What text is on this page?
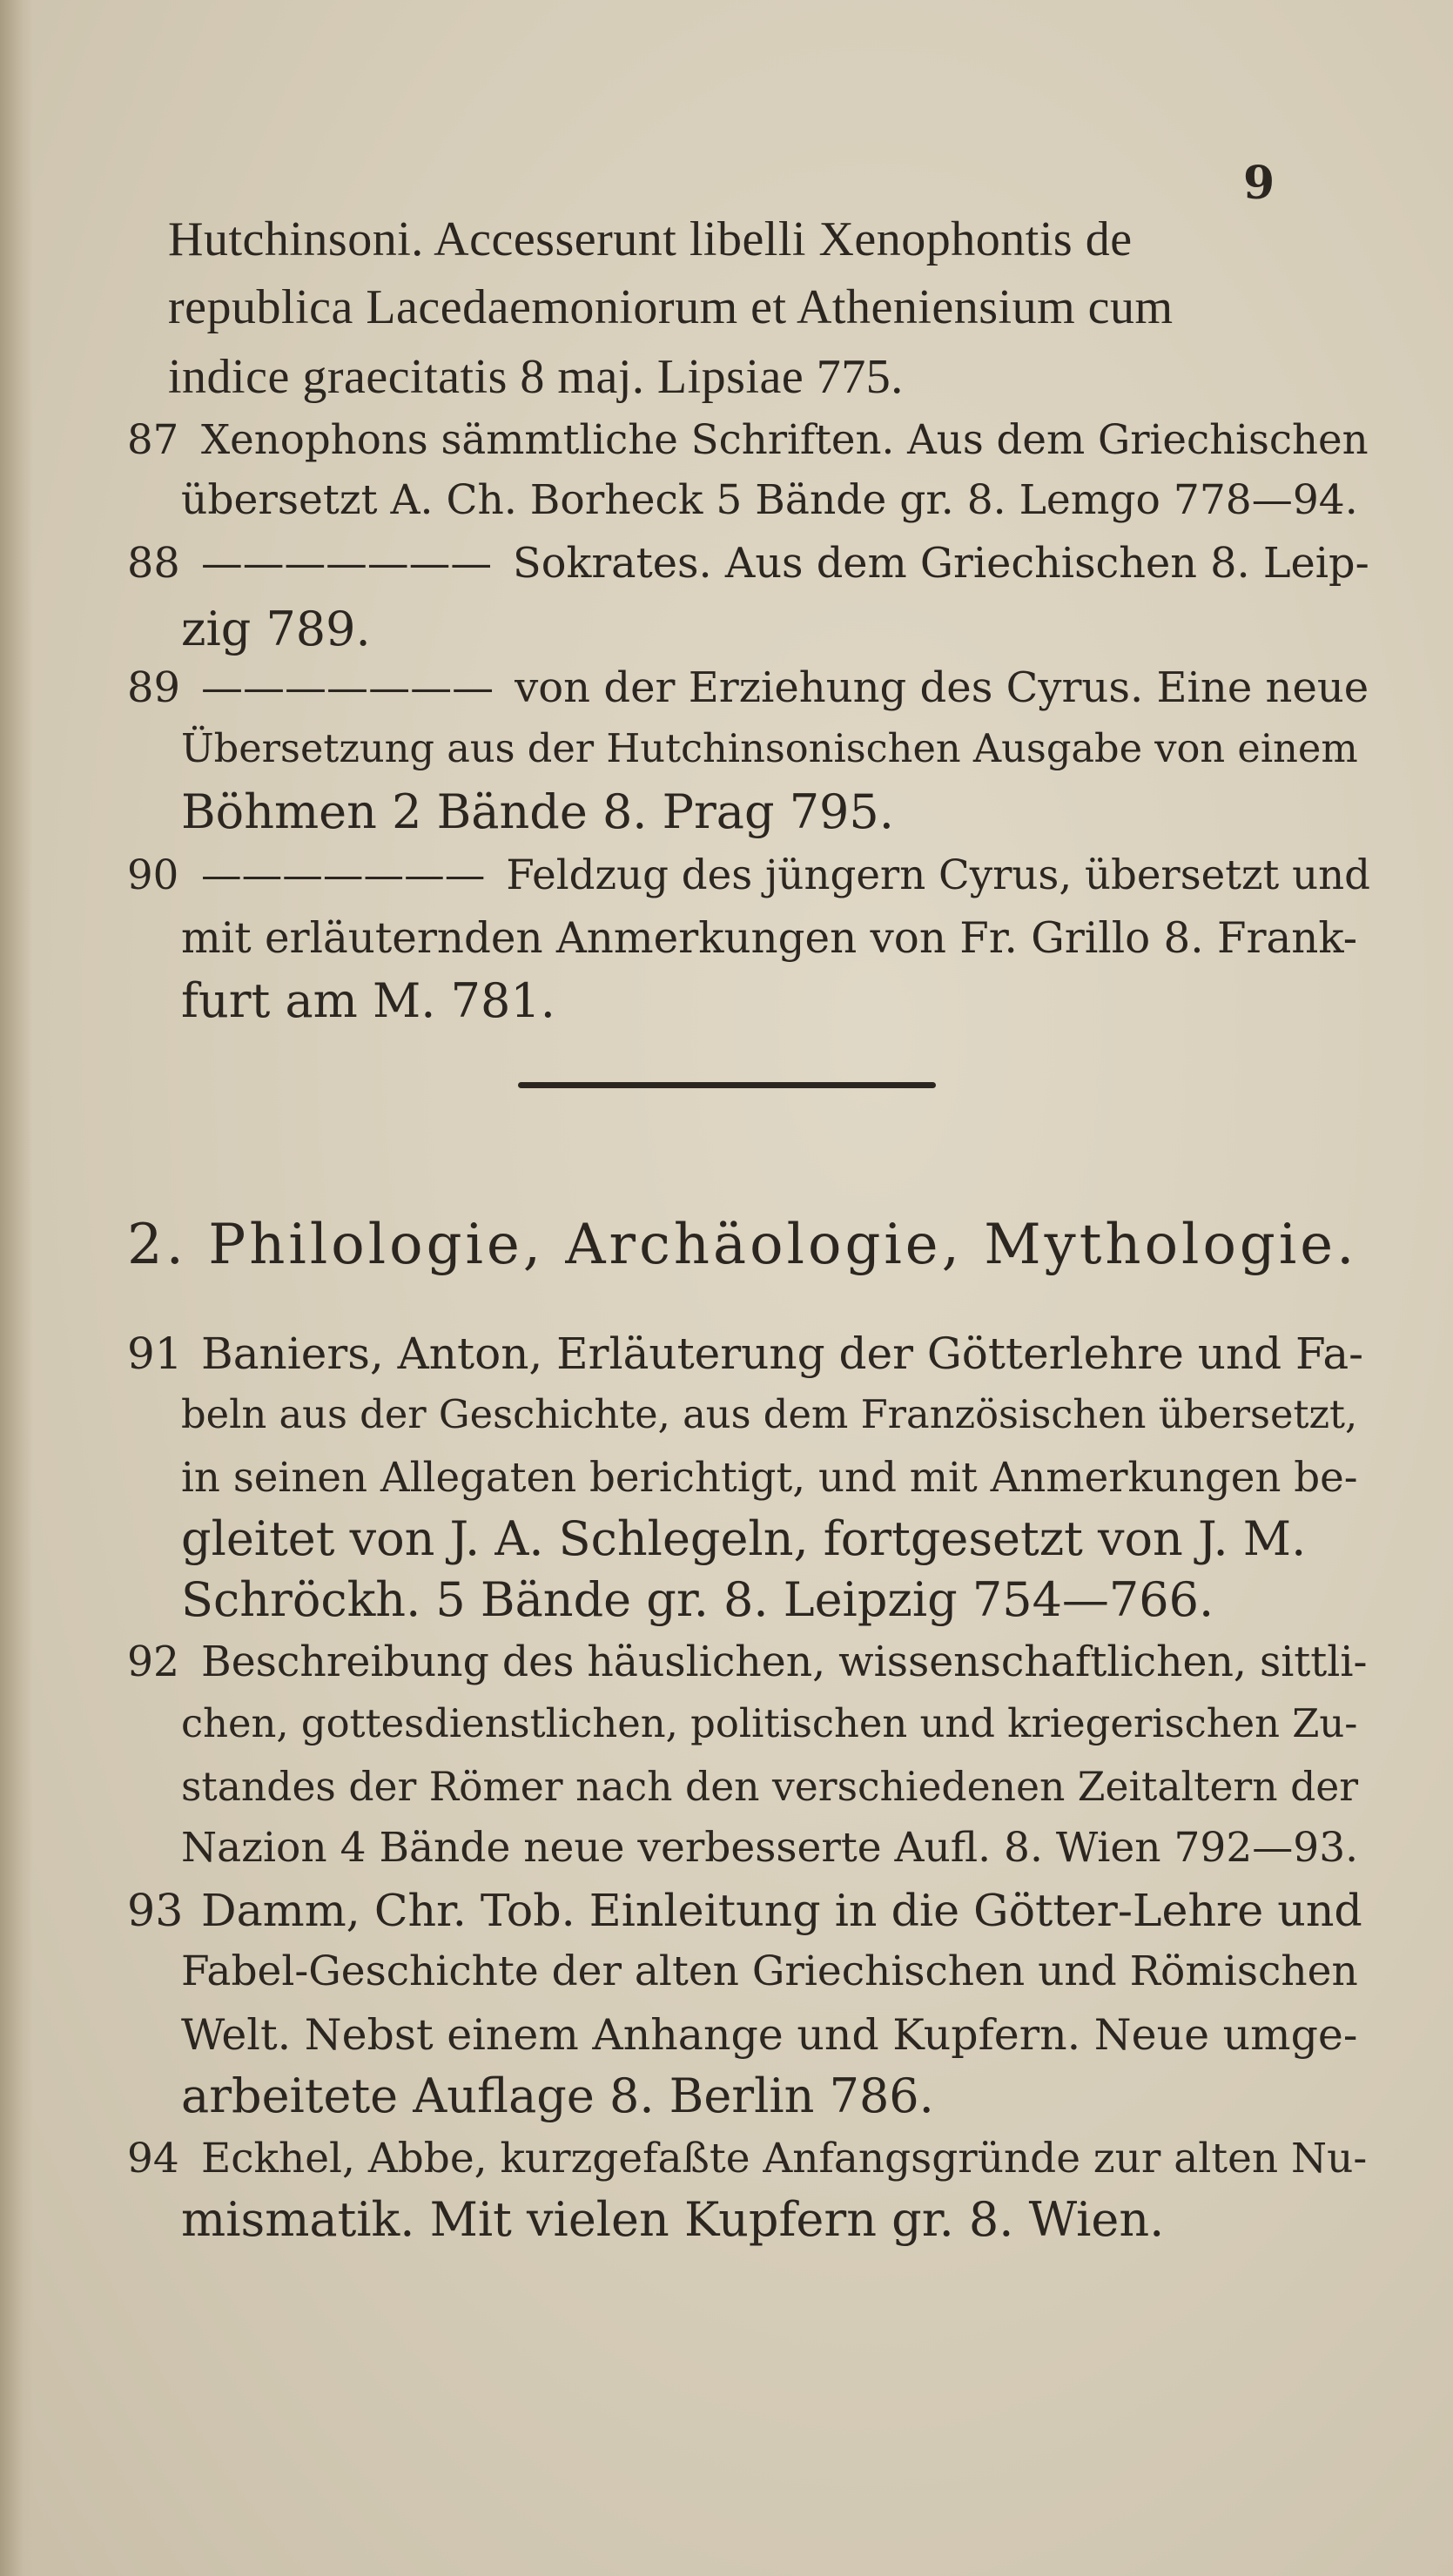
9
Hutchinsoni. Accesserunt libelli Xenophontis de
republica Lacedaemoniorum et Atheniensium cum
indice graecitatis 8 maj. Lipsiae 775.
87 Xenophons sämmtliche Schriften. Aus dem Griechischen
übersetzt A. Ch. Borheck 5 Bände gr. 8. Lemgo 778—94.
88 ——————— Sokrates. Aus dem Griechischen 8. Leip-
zig 789.
89 ——————— von der Erziehung des Cyrus. Eine neue
Übersetzung aus der Hutchinsonischen Ausgabe von einem
Böhmen 2 Bände 8. Prag 795.
90 ——————— Feldzug des jüngern Cyrus, übersetzt und
mit erläuternden Anmerkungen von Fr. Grillo 8. Frank-
furt am M. 781.
2. Philologie, Archäologie, Mythologie.
91 Baniers, Anton, Erläuterung der Götterlehre und Fa-
beln aus der Geschichte, aus dem Französischen übersetzt,
in seinen Allegaten berichtigt, und mit Anmerkungen be-
gleitet von J. A. Schlegeln, fortgesetzt von J. M.
Schröckh. 5 Bände gr. 8. Leipzig 754—766.
92 Beschreibung des häuslichen, wissenschaftlichen, sittli-
chen, gottesdienstlichen, politischen und kriegerischen Zu-
standes der Römer nach den verschiedenen Zeitaltern der
Nazion 4 Bände neue verbesserte Aufl. 8. Wien 792—93.
93 Damm, Chr. Tob. Einleitung in die Götter-Lehre und
Fabel-Geschichte der alten Griechischen und Römischen
Welt. Nebst einem Anhange und Kupfern. Neue umge-
arbeitete Auflage 8. Berlin 786.
94 Eckhel, Abbe, kurzgefaßte Anfangsgründe zur alten Nu-
mismatik. Mit vielen Kupfern gr. 8. Wien.
